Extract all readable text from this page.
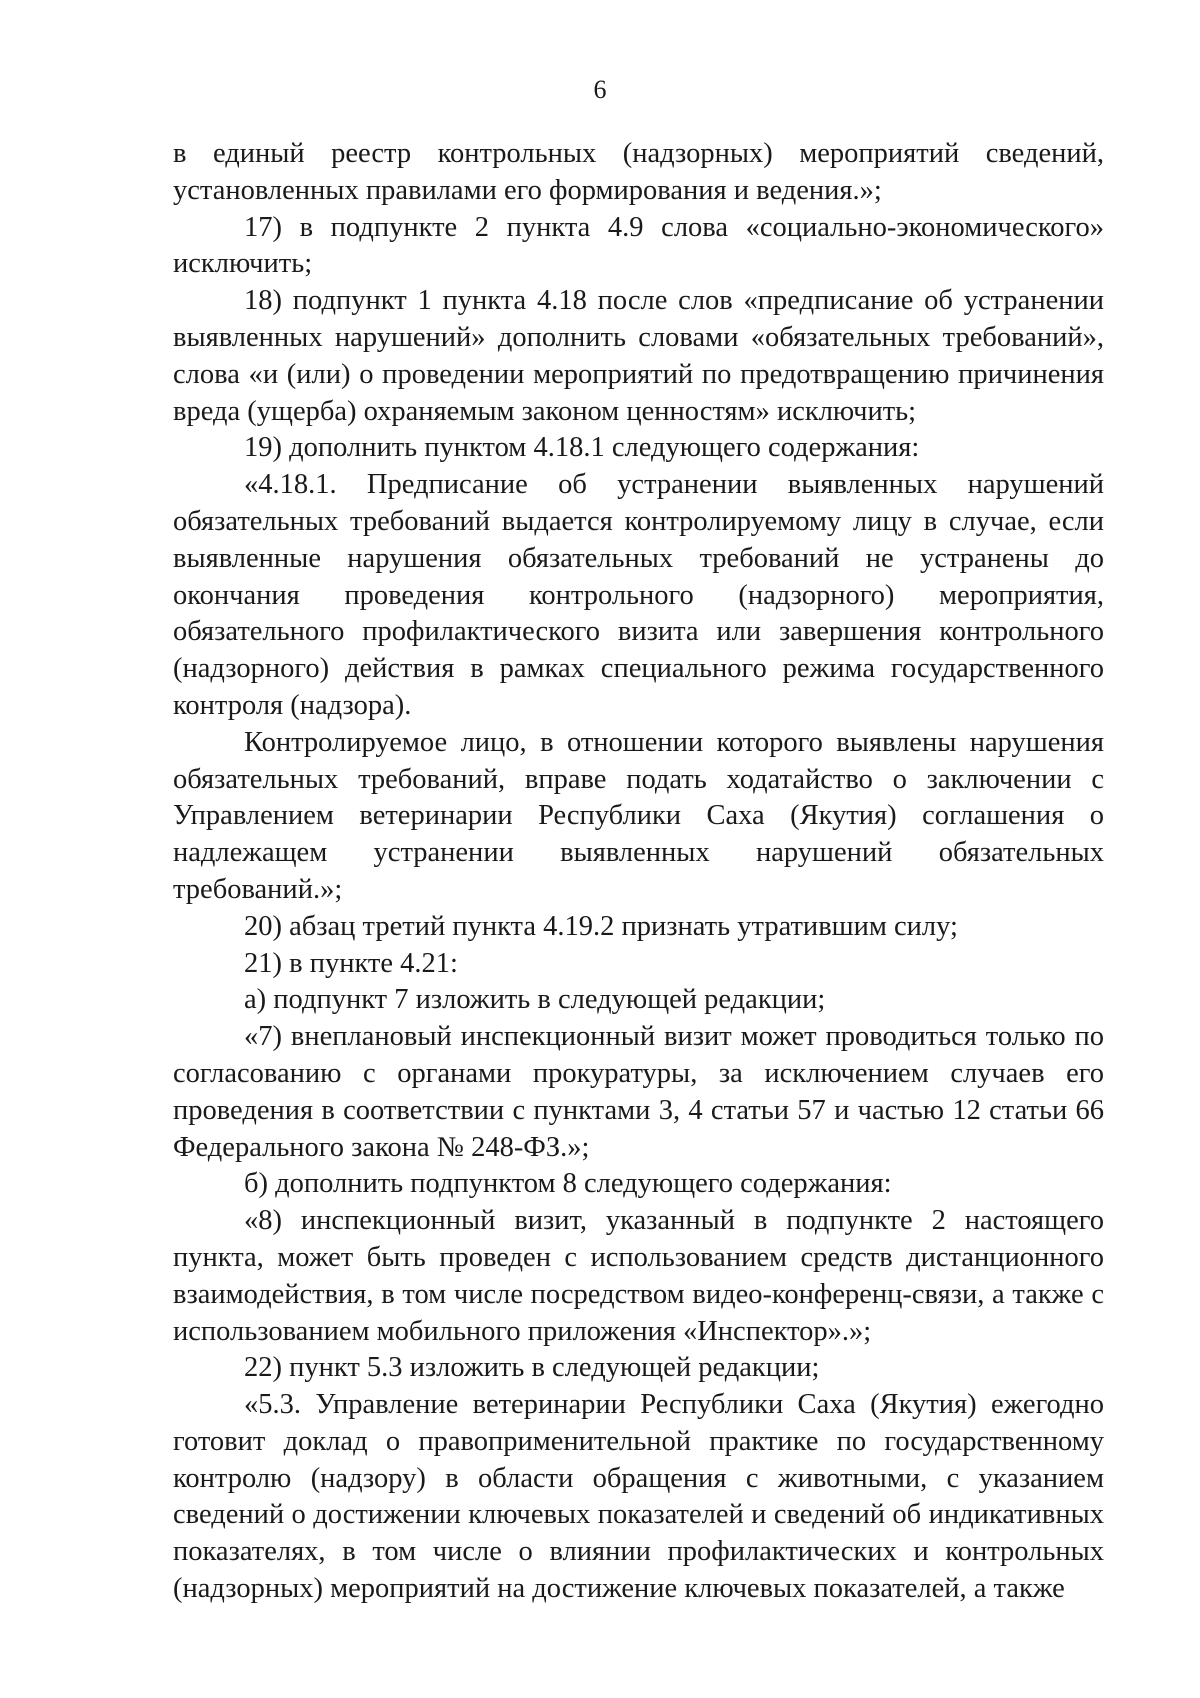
6

в единый реестр контрольных (надзорных) мероприятий сведений, установленных правилами его формирования и ведения.»;

17) в подпункте 2 пункта 4.9 слова «социально-экономического» исключить;

18) подпункт 1 пункта 4.18 после слов «предписание об устранении выявленных нарушений» дополнить словами «обязательных требований», слова «и (или) о проведении мероприятий по предотвращению причинения вреда (ущерба) охраняемым законом ценностям» исключить;

19) дополнить пунктом 4.18.1 следующего содержания:

«4.18.1. Предписание об устранении выявленных нарушений обязательных требований выдается контролируемому лицу в случае, если выявленные нарушения обязательных требований не устранены до окончания проведения контрольного (надзорного) мероприятия, обязательного профилактического визита или завершения контрольного (надзорного) действия в рамках специального режима государственного контроля (надзора).

Контролируемое лицо, в отношении которого выявлены нарушения обязательных требований, вправе подать ходатайство о заключении с Управлением ветеринарии Республики Саха (Якутия) соглашения о надлежащем устранении выявленных нарушений обязательных требований.»;

20) абзац третий пункта 4.19.2 признать утратившим силу;

21) в пункте 4.21:

а) подпункт 7 изложить в следующей редакции;

«7) внеплановый инспекционный визит может проводиться только по согласованию с органами прокуратуры, за исключением случаев его проведения в соответствии с пунктами 3, 4 статьи 57 и частью 12 статьи 66 Федерального закона № 248-ФЗ.»;

б) дополнить подпунктом 8 следующего содержания:

«8) инспекционный визит, указанный в подпункте 2 настоящего пункта, может быть проведен с использованием средств дистанционного взаимодействия, в том числе посредством видео-конференц-связи, а также с использованием мобильного приложения «Инспектор».»;

22) пункт 5.3 изложить в следующей редакции;

«5.3. Управление ветеринарии Республики Саха (Якутия) ежегодно готовит доклад о правоприменительной практике по государственному контролю (надзору) в области обращения с животными, с указанием сведений о достижении ключевых показателей и сведений об индикативных показателях, в том числе о влиянии профилактических и контрольных (надзорных) мероприятий на достижение ключевых показателей, а также
